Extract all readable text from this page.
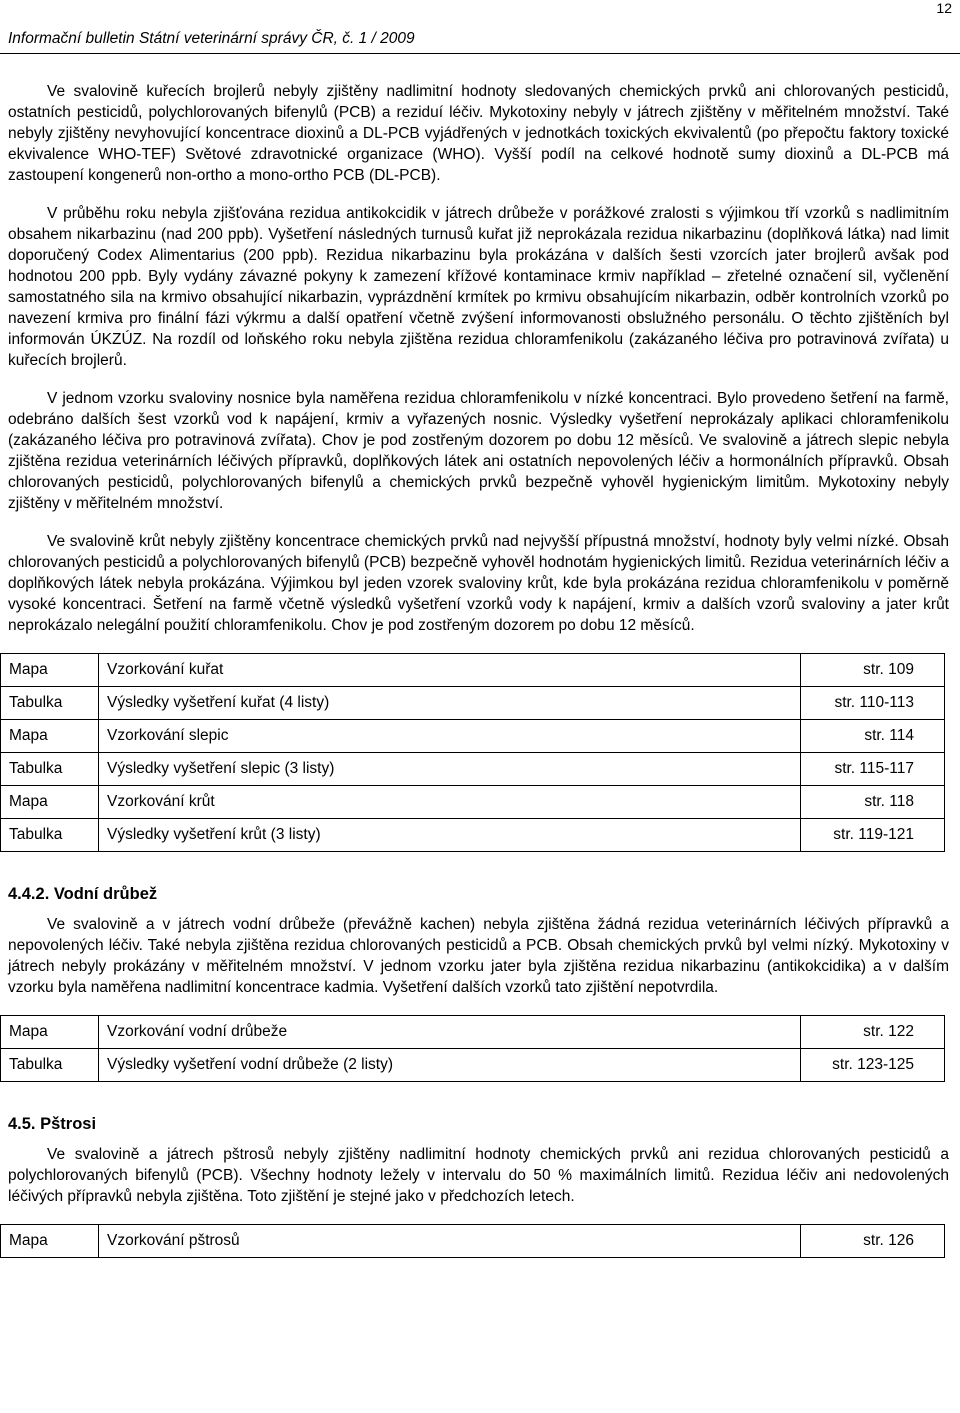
12
Informační bulletin Státní veterinární správy ČR, č. 1 / 2009

Ve svalovině kuřecích brojlerů nebyly zjištěny nadlimitní hodnoty sledovaných chemických prvků ani chlorovaných pesticidů, ostatních pesticidů, polychlorovaných bifenylů (PCB) a reziduí léčiv. Mykotoxiny nebyly v játrech zjištěny v měřitelném množství. Také nebyly zjištěny nevyhovující koncentrace dioxinů a DL-PCB vyjádřených v jednotkách toxických ekvivalentů (po přepočtu faktory toxické ekvivalence WHO-TEF) Světové zdravotnické organizace (WHO). Vyšší podíl na celkové hodnotě sumy dioxinů a DL-PCB má zastoupení kongenerů non-ortho a mono-ortho PCB (DL-PCB).

V průběhu roku nebyla zjišťována rezidua antikokcidik v játrech drůbeže v porážkové zralosti s výjimkou tří vzorků s nadlimitním obsahem nikarbazinu (nad 200 ppb). Vyšetření následných turnusů kuřat již neprokázala rezidua nikarbazinu (doplňková látka) nad limit doporučený Codex Alimentarius (200 ppb). Rezidua nikarbazinu byla prokázána v dalších šesti vzorcích jater brojlerů avšak pod hodnotou 200 ppb. Byly vydány závazné pokyny k zamezení křížové kontaminace krmiv například – zřetelné označení sil, vyčlenění samostatného sila na krmivo obsahující nikarbazin, vyprázdnění krmítek po krmivu obsahujícím nikarbazin, odběr kontrolních vzorků po navezení krmiva pro finální fázi výkrmu a další opatření včetně zvýšení informovanosti obslužného personálu. O těchto zjištěních byl informován ÚKZÚZ. Na rozdíl od loňského roku nebyla zjištěna rezidua chloramfenikolu (zakázaného léčiva pro potravinová zvířata) u kuřecích brojlerů.

V jednom vzorku svaloviny nosnice byla naměřena rezidua chloramfenikolu v nízké koncentraci. Bylo provedeno šetření na farmě, odebráno dalších šest vzorků vod k napájení, krmiv a vyřazených nosnic. Výsledky vyšetření neprokázaly aplikaci chloramfenikolu (zakázaného léčiva pro potravinová zvířata). Chov je pod zostřeným dozorem po dobu 12 měsíců. Ve svalovině a játrech slepic nebyla zjištěna rezidua veterinárních léčivých přípravků, doplňkových látek ani ostatních nepovolených léčiv a hormonálních přípravků. Obsah chlorovaných pesticidů, polychlorovaných bifenylů a chemických prvků bezpečně vyhověl hygienickým limitům. Mykotoxiny nebyly zjištěny v měřitelném množství.

Ve svalovině krůt nebyly zjištěny koncentrace chemických prvků nad nejvyšší přípustná množství, hodnoty byly velmi nízké. Obsah chlorovaných pesticidů a polychlorovaných bifenylů (PCB) bezpečně vyhověl hodnotám hygienických limitů. Rezidua veterinárních léčiv a doplňkových látek nebyla prokázána. Výjimkou byl jeden vzorek svaloviny krůt, kde byla prokázána rezidua chloramfenikolu v poměrně vysoké koncentraci. Šetření na farmě včetně výsledků vyšetření vzorků vody k napájení, krmiv a dalších vzorů svaloviny a jater krůt neprokázalo nelegální použití chloramfenikolu. Chov je pod zostřeným dozorem po dobu 12 měsíců.

Mapa	Vzorkování kuřat	str. 109
Tabulka	Výsledky vyšetření kuřat (4 listy)	str. 110-113
Mapa	Vzorkování slepic	str. 114
Tabulka	Výsledky vyšetření slepic (3 listy)	str. 115-117
Mapa	Vzorkování krůt	str. 118
Tabulka	Výsledky vyšetření krůt (3 listy)	str. 119-121
4.4.2. Vodní drůbež

Ve svalovině a v játrech vodní drůbeže (převážně kachen) nebyla zjištěna žádná rezidua veterinárních léčivých přípravků a nepovolených léčiv. Také nebyla zjištěna rezidua chlorovaných pesticidů a PCB. Obsah chemických prvků byl velmi nízký. Mykotoxiny v játrech nebyly prokázány v měřitelném množství. V jednom vzorku jater byla zjištěna rezidua nikarbazinu (antikokcidika) a v dalším vzorku byla naměřena nadlimitní koncentrace kadmia. Vyšetření dalších vzorků tato zjištění nepotvrdila.

Mapa	Vzorkování vodní drůbeže	str. 122
Tabulka	Výsledky vyšetření vodní drůbeže (2 listy)	str. 123-125
4.5. Pštrosi

Ve svalovině a játrech pštrosů nebyly zjištěny nadlimitní hodnoty chemických prvků ani rezidua chlorovaných pesticidů a polychlorovaných bifenylů (PCB). Všechny hodnoty ležely v intervalu do 50 % maximálních limitů. Rezidua léčiv ani nedovolených léčivých přípravků nebyla zjištěna. Toto zjištění je stejné jako v předchozích letech.

Mapa	Vzorkování pštrosů	str. 126
